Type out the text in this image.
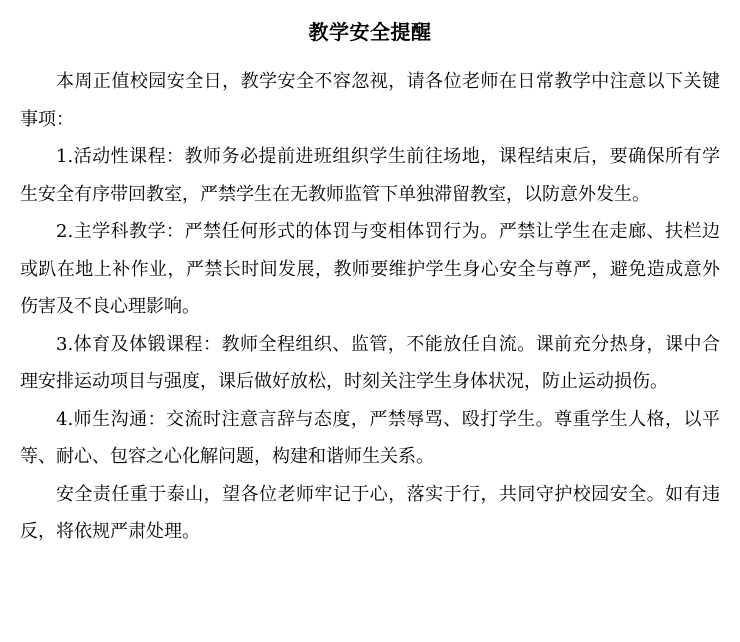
教学安全提醒

本周正值校园安全日，教学安全不容忽视，请各位老师在日常教学中注意以下关键事项：

1.活动性课程：教师务必提前进班组织学生前往场地，课程结束后，要确保所有学生安全有序带回教室，严禁学生在无教师监管下单独滞留教室，以防意外发生。

2.主学科教学：严禁任何形式的体罚与变相体罚行为。严禁让学生在走廊、扶栏边或趴在地上补作业，严禁长时间发展，教师要维护学生身心安全与尊严，避免造成意外伤害及不良心理影响。

3.体育及体锻课程：教师全程组织、监管，不能放任自流。课前充分热身，课中合理安排运动项目与强度，课后做好放松，时刻关注学生身体状况，防止运动损伤。

4.师生沟通：交流时注意言辞与态度，严禁辱骂、殴打学生。尊重学生人格，以平等、耐心、包容之心化解问题，构建和谐师生关系。

安全责任重于泰山，望各位老师牢记于心，落实于行，共同守护校园安全。如有违反，将依规严肃处理。
